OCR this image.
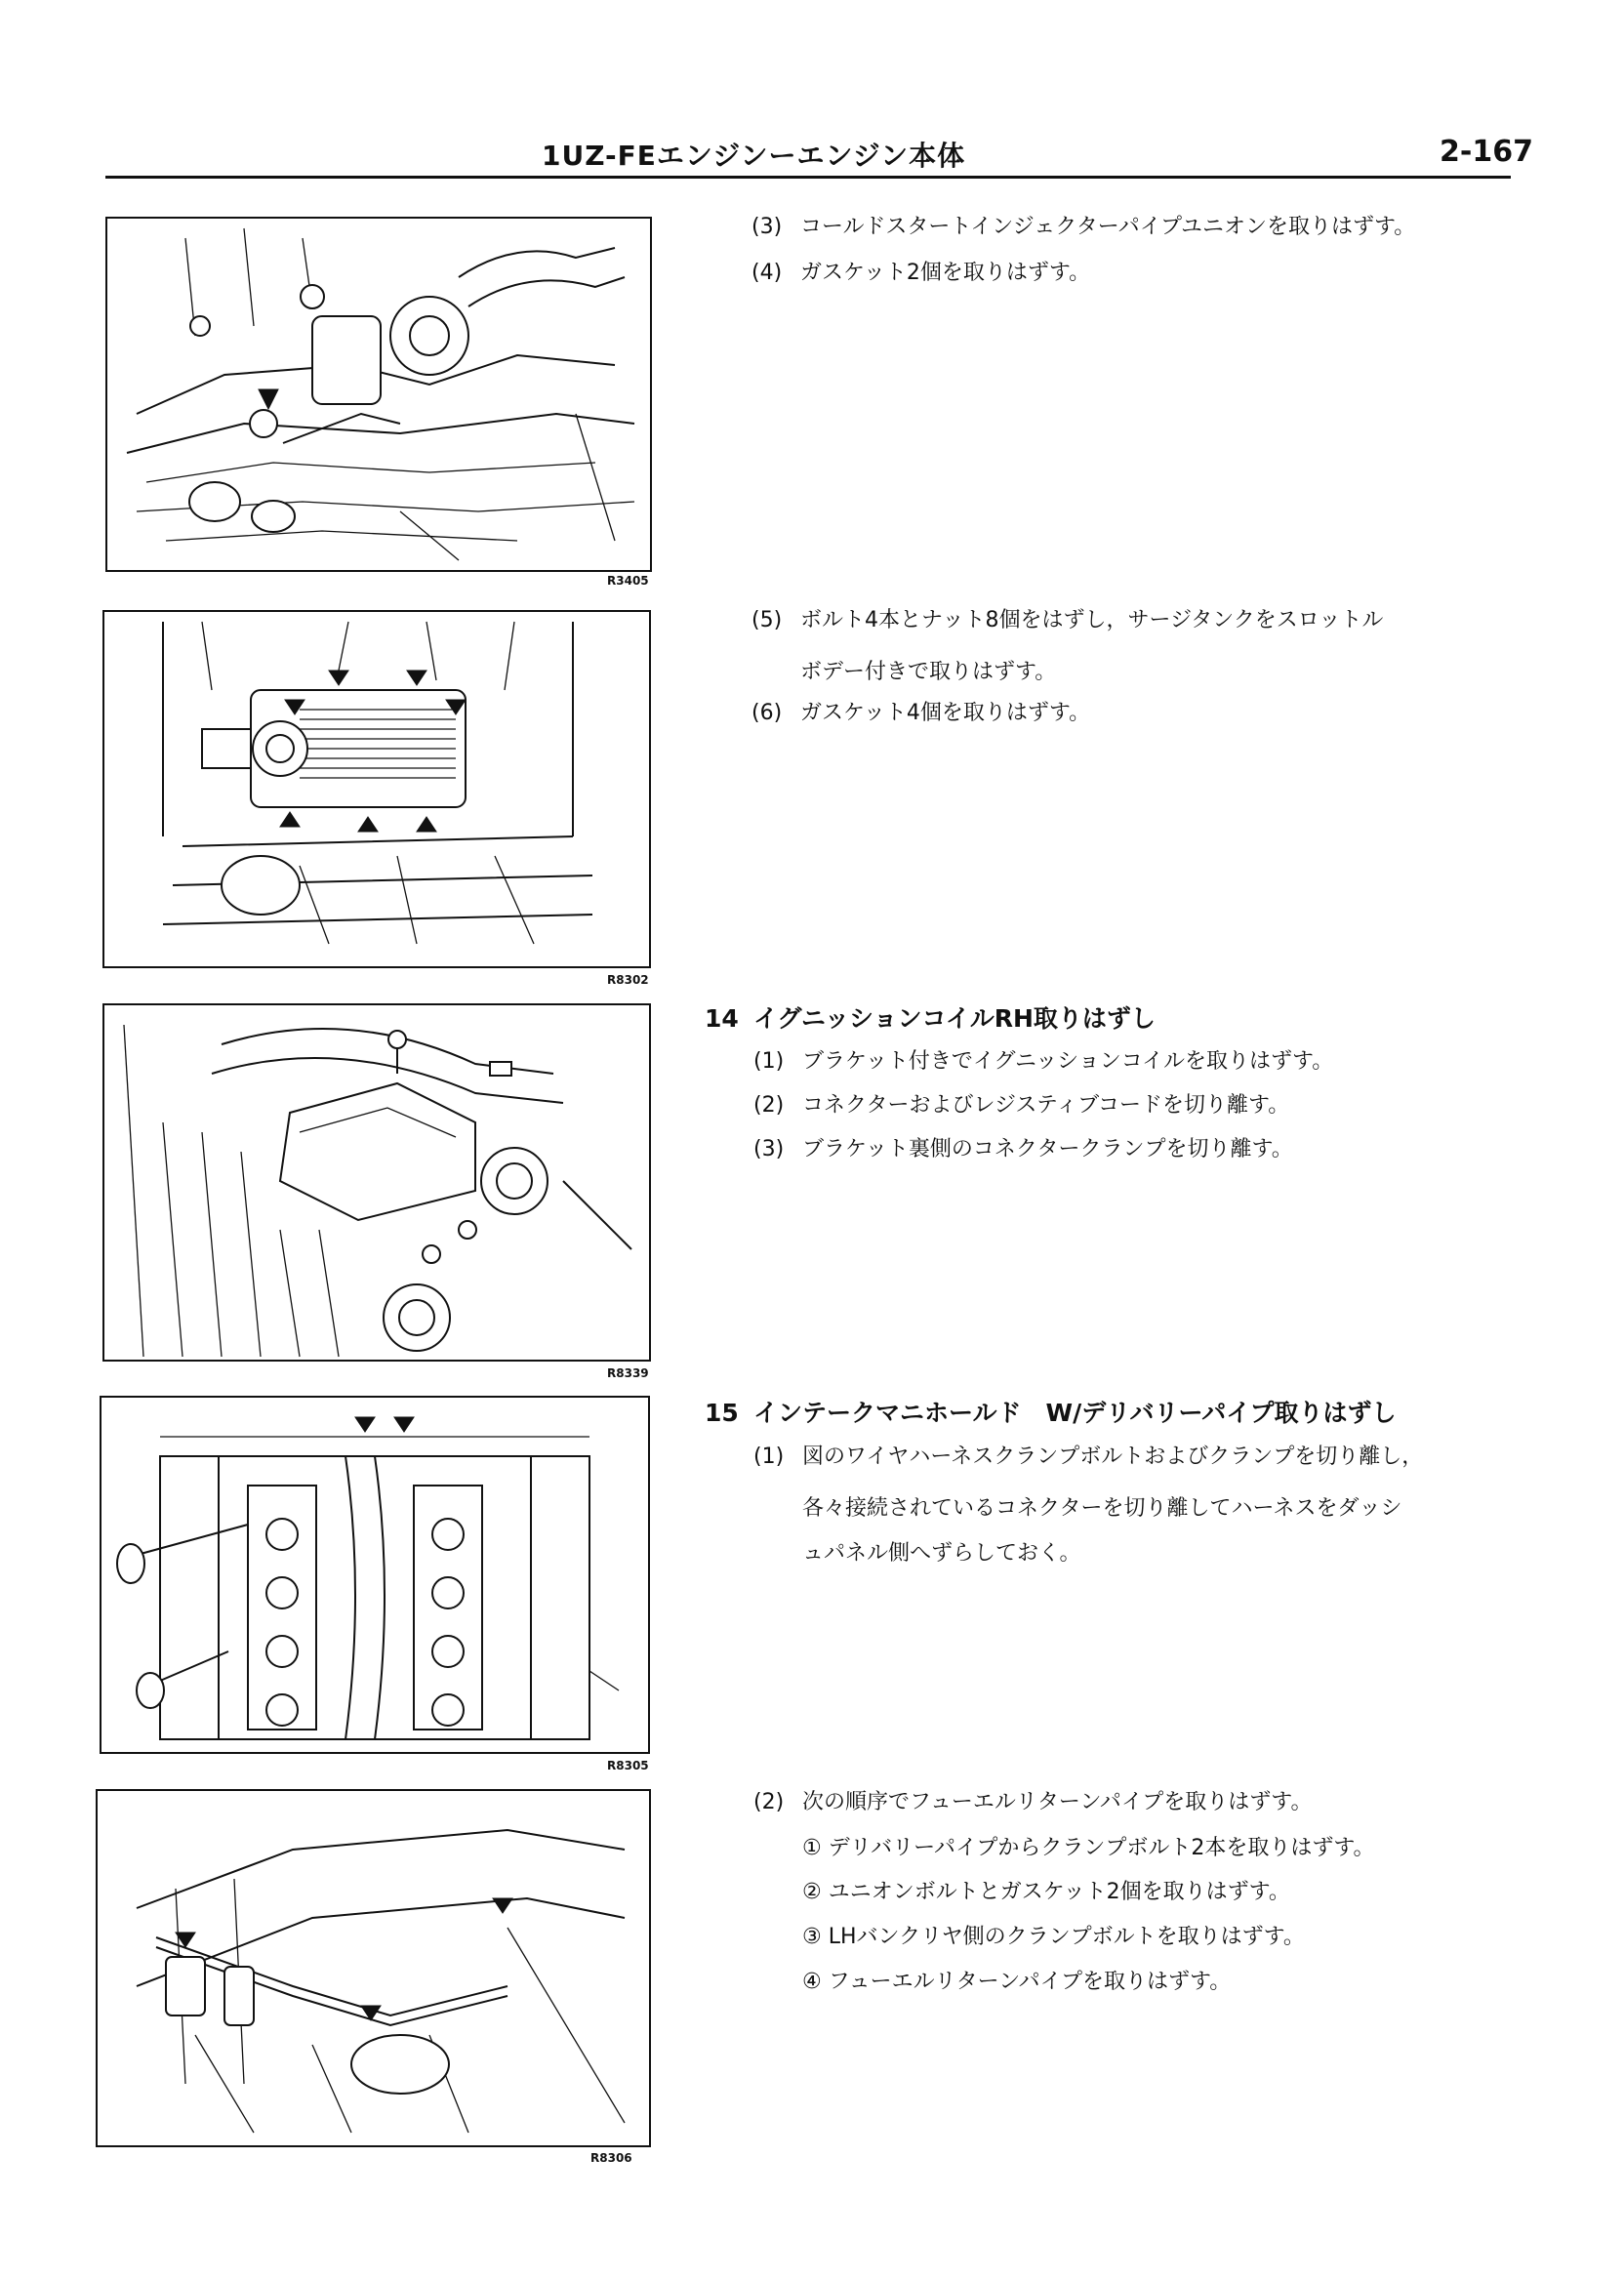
1UZ-FEエンジンーエンジン本体	2-167
R3405
R8302
R8339
R8305
R8306
(3) コールドスタートインジェクターパイプユニオンを取りはずす。
(4) ガスケット2個を取りはずす。
(5) ボルト4本とナット8個をはずし，サージタンクをスロットル
ボデー付きで取りはずす。
(6) ガスケット4個を取りはずす。
14 イグニッションコイルRH取りはずし
(1) ブラケット付きでイグニッションコイルを取りはずす。
(2) コネクターおよびレジスティブコードを切り離す。
(3) ブラケット裏側のコネクタークランプを切り離す。
15 インテークマニホールド　W/デリバリーパイプ取りはずし
(1) 図のワイヤハーネスクランプボルトおよびクランプを切り離し，
各々接続されているコネクターを切り離してハーネスをダッシ
ュパネル側へずらしておく。
(2) 次の順序でフューエルリターンパイプを取りはずす。
① デリバリーパイプからクランプボルト2本を取りはずす。
② ユニオンボルトとガスケット2個を取りはずす。
③ LHバンクリヤ側のクランプボルトを取りはずす。
④ フューエルリターンパイプを取りはずす。
